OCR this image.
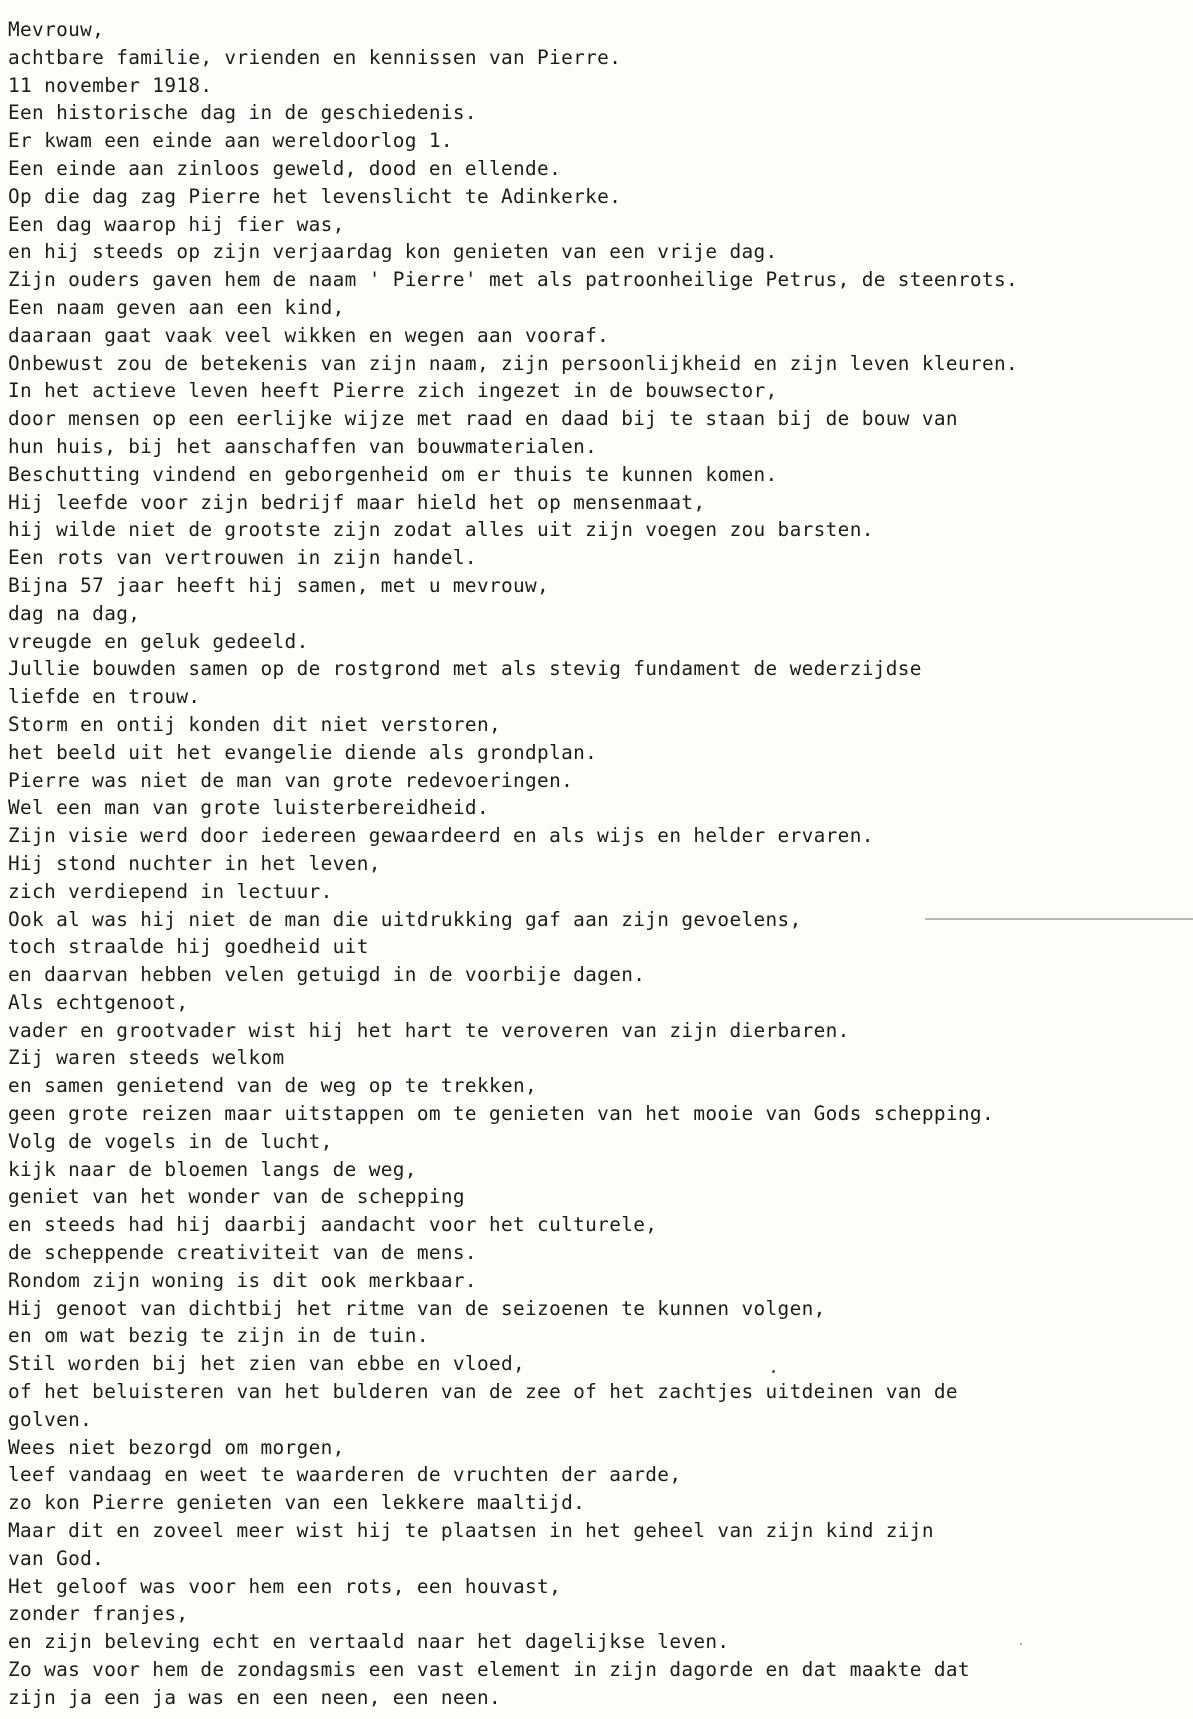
Mevrouw,
achtbare familie, vrienden en kennissen van Pierre.
11 november 1918.
Een historische dag in de geschiedenis.
Er kwam een einde aan wereldoorlog 1.
Een einde aan zinloos geweld, dood en ellende.
Op die dag zag Pierre het levenslicht te Adinkerke.
Een dag waarop hij fier was,
en hij steeds op zijn verjaardag kon genieten van een vrije dag.
Zijn ouders gaven hem de naam ' Pierre' met als patroonheilige Petrus, de steenrots.
Een naam geven aan een kind,
daaraan gaat vaak veel wikken en wegen aan vooraf.
Onbewust zou de betekenis van zijn naam, zijn persoonlijkheid en zijn leven kleuren.
In het actieve leven heeft Pierre zich ingezet in de bouwsector,
door mensen op een eerlijke wijze met raad en daad bij te staan bij de bouw van
hun huis, bij het aanschaffen van bouwmaterialen.
Beschutting vindend en geborgenheid om er thuis te kunnen komen.
Hij leefde voor zijn bedrijf maar hield het op mensenmaat,
hij wilde niet de grootste zijn zodat alles uit zijn voegen zou barsten.
Een rots van vertrouwen in zijn handel.
Bijna 57 jaar heeft hij samen, met u mevrouw,
dag na dag,
vreugde en geluk gedeeld.
Jullie bouwden samen op de rostgrond met als stevig fundament de wederzijdse
liefde en trouw.
Storm en ontij konden dit niet verstoren,
het beeld uit het evangelie diende als grondplan.
Pierre was niet de man van grote redevoeringen.
Wel een man van grote luisterbereidheid.
Zijn visie werd door iedereen gewaardeerd en als wijs en helder ervaren.
Hij stond nuchter in het leven,
zich verdiepend in lectuur.
Ook al was hij niet de man die uitdrukking gaf aan zijn gevoelens,
toch straalde hij goedheid uit
en daarvan hebben velen getuigd in de voorbije dagen.
Als echtgenoot,
vader en grootvader wist hij het hart te veroveren van zijn dierbaren.
Zij waren steeds welkom
en samen genietend van de weg op te trekken,
geen grote reizen maar uitstappen om te genieten van het mooie van Gods schepping.
Volg de vogels in de lucht,
kijk naar de bloemen langs de weg,
geniet van het wonder van de schepping
en steeds had hij daarbij aandacht voor het culturele,
de scheppende creativiteit van de mens.
Rondom zijn woning is dit ook merkbaar.
Hij genoot van dichtbij het ritme van de seizoenen te kunnen volgen,
en om wat bezig te zijn in de tuin.
Stil worden bij het zien van ebbe en vloed,
of het beluisteren van het bulderen van de zee of het zachtjes uitdeinen van de
golven.
Wees niet bezorgd om morgen,
leef vandaag en weet te waarderen de vruchten der aarde,
zo kon Pierre genieten van een lekkere maaltijd.
Maar dit en zoveel meer wist hij te plaatsen in het geheel van zijn kind zijn
van God.
Het geloof was voor hem een rots, een houvast,
zonder franjes,
en zijn beleving echt en vertaald naar het dagelijkse leven.
Zo was voor hem de zondagsmis een vast element in zijn dagorde en dat maakte dat
zijn ja een ja was en een neen, een neen.
